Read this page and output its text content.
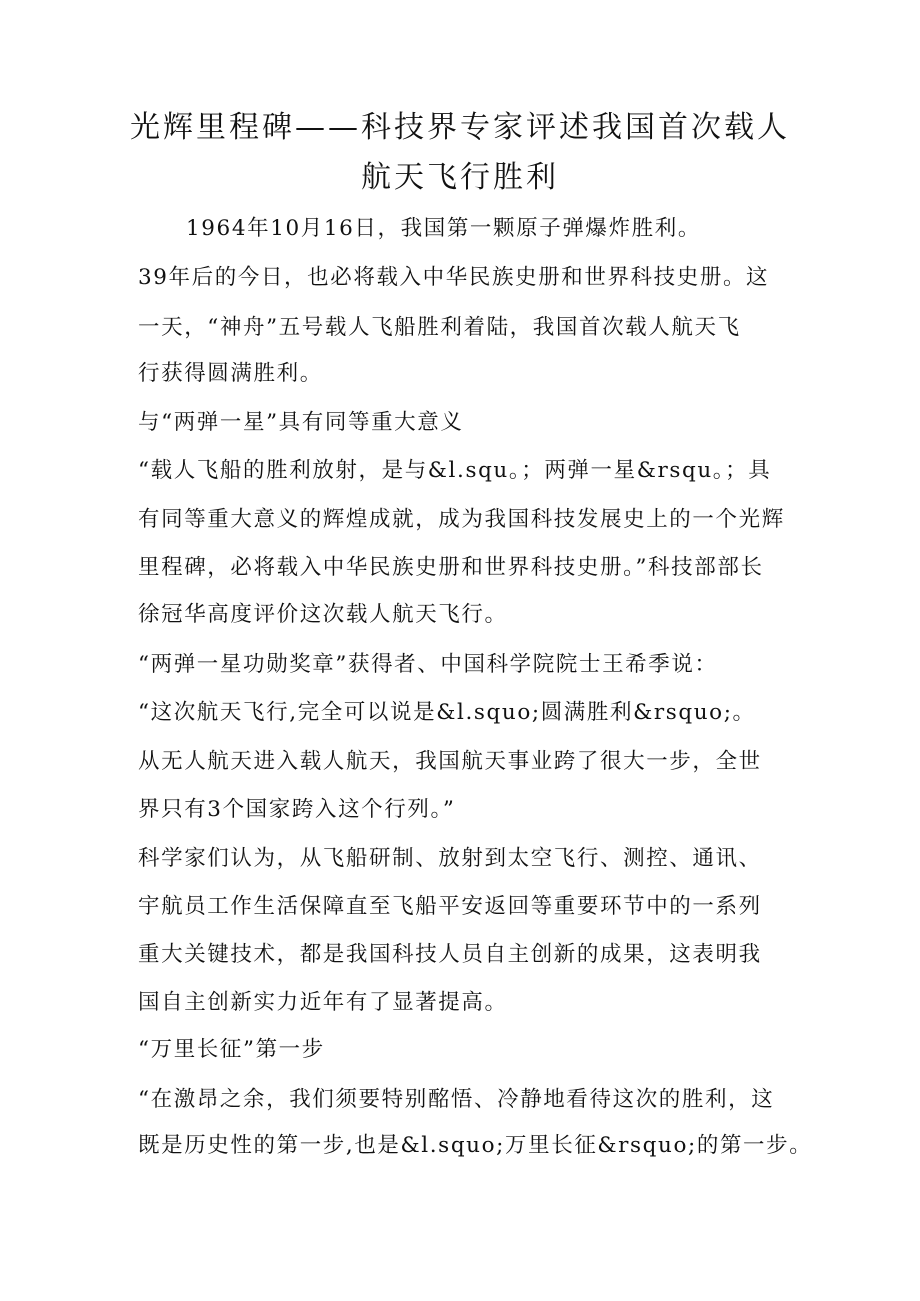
光辉里程碑——科技界专家评述我国首次载人
航天飞行胜利
1964年10月16日，我国第一颗原子弹爆炸胜利。
39年后的今日，也必将载入中华民族史册和世界科技史册。这
一天，“神舟”五号载人飞船胜利着陆，我国首次载人航天飞
行获得圆满胜利。
与“两弹一星”具有同等重大意义
“载人飞船的胜利放射，是与&l.squ。；两弹一星&rsqu。；具
有同等重大意义的辉煌成就，成为我国科技发展史上的一个光辉
里程碑，必将载入中华民族史册和世界科技史册。”科技部部长
徐冠华高度评价这次载人航天飞行。
“两弹一星功勋奖章”获得者、中国科学院院士王希季说：
“这次航天飞行,完全可以说是&l.squo;圆满胜利&rsquo;。
从无人航天进入载人航天，我国航天事业跨了很大一步，全世
界只有3个国家跨入这个行列。”
科学家们认为，从飞船研制、放射到太空飞行、测控、通讯、
宇航员工作生活保障直至飞船平安返回等重要环节中的一系列
重大关键技术，都是我国科技人员自主创新的成果，这表明我
国自主创新实力近年有了显著提高。
“万里长征”第一步
“在激昂之余，我们须要特别酩悟、冷静地看待这次的胜利，这
既是历史性的第一步,也是&l.squo;万里长征&rsquo;的第一步。
